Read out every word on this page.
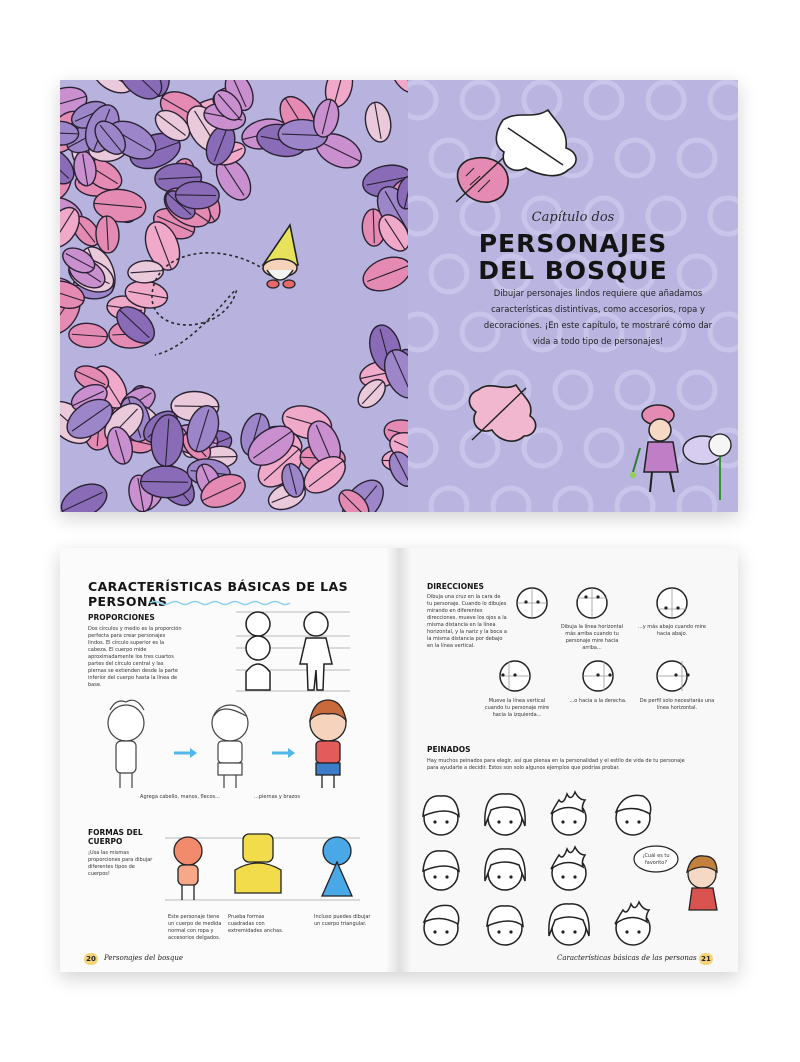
Capítulo dos
PERSONAJES
DEL BOSQUE
Dibujar personajes lindos requiere que añadamos características distintivas, como accesorios, ropa y decoraciones. ¡En este capítulo, te mostraré cómo dar vida a todo tipo de personajes!
CARACTERÍSTICAS BÁSICAS DE LAS PERSONAS
PROPORCIONES
Dos círculos y medio es la proporción perfecta para crear personajes lindos. El círculo superior es la cabeza. El cuerpo mide aproximadamente los tres cuartos partes del círculo central y las piernas se extienden desde la parte inferior del cuerpo hasta la línea de base.
Agrega cabello, manos, flecos...	...piernas y brazos
FORMAS DEL CUERPO
¡Usa las mismas proporciones para dibujar diferentes tipos de cuerpos!
Este personaje tiene un cuerpo de medida normal con ropa y accesorios delgados.
Prueba formas cuadradas con extremidades anchas.
Incluso puedes dibujar un cuerpo triangular.
20	Personajes del bosque
DIRECCIONES
Dibuja una cruz en la cara de tu personaje. Cuando lo dibujes mirando en diferentes direcciones, mueve los ojos a la misma distancia en la línea horizontal, y la nariz y la boca a la misma distancia por debajo en la línea vertical.
Dibuja la línea horizontal más arriba cuando tu personaje mire hacia arriba...
...y más abajo cuando mire hacia abajo.
Mueve la línea vertical cuando tu personaje mire hacia la izquierda...
...o hacia a la derecha.	De perfil solo necesitarás una línea horizontal.
PEINADOS
Hay muchos peinados para elegir, así que piensa en la personalidad y el estilo de vida de tu personaje para ayudarte a decidir. Estos son solo algunos ejemplos que podrías probar.
¡Cuál es tu favorito?
Características básicas de las personas 21
